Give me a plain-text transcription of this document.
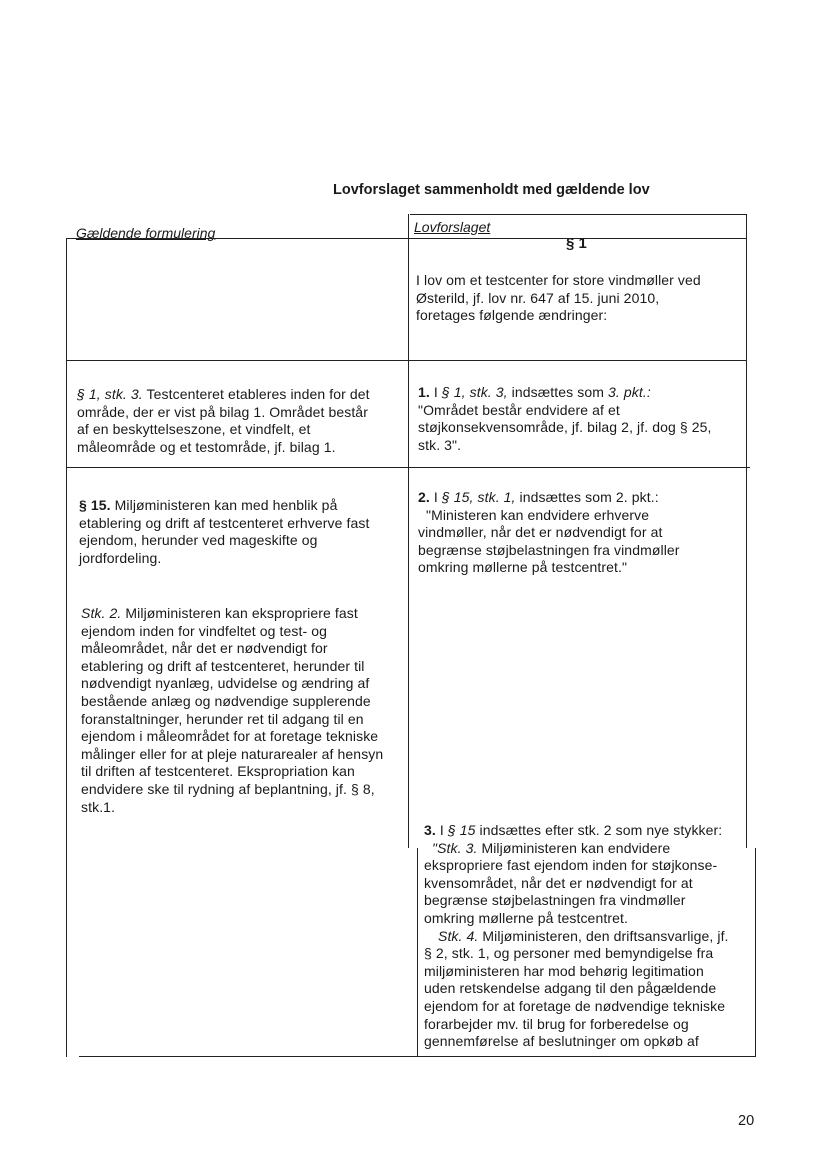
Lovforslaget sammenholdt med gældende lov
Gældende formulering	Lovforslaget
§ 1

I lov om et testcenter for store vindmøller ved

Østerild, jf. lov nr. 647 af 15. juni 2010,

foretages følgende ændringer:

§ 1, stk. 3. Testcenteret etableres inden for det

område, der er vist på bilag 1. Området består

af en beskyttelseszone, et vindfelt, et

måleområde og et testområde, jf. bilag 1.

1. I § 1, stk. 3, indsættes som 3. pkt.:

"Området består endvidere af et

støjkonsekvensområde, jf. bilag 2, jf. dog § 25,

stk. 3".

§ 15. Miljøministeren kan med henblik på

etablering og drift af testcenteret erhverve fast

ejendom, herunder ved mageskifte og

jordfordeling.

Stk. 2. Miljøministeren kan ekspropriere fast

ejendom inden for vindfeltet og test- og

måleområdet, når det er nødvendigt for

etablering og drift af testcenteret, herunder til

nødvendigt nyanlæg, udvidelse og ændring af

bestående anlæg og nødvendige supplerende

foranstaltninger, herunder ret til adgang til en

ejendom i måleområdet for at foretage tekniske

målinger eller for at pleje naturarealer af hensyn

til driften af testcenteret. Ekspropriation kan

endvidere ske til rydning af beplantning, jf. § 8,

stk.1.

2. I § 15, stk. 1, indsættes som 2. pkt.:

"Ministeren kan endvidere erhverve

vindmøller, når det er nødvendigt for at

begrænse støjbelastningen fra vindmøller

omkring møllerne på testcentret."

3. I § 15 indsættes efter stk. 2 som nye stykker:

"Stk. 3. Miljøministeren kan endvidere

ekspropriere fast ejendom inden for støjkonse-

kvensområdet, når det er nødvendigt for at

begrænse støjbelastningen fra vindmøller

omkring møllerne på testcentret.

Stk. 4. Miljøministeren, den driftsansvarlige, jf.

§ 2, stk. 1, og personer med bemyndigelse fra

miljøministeren har mod behørig legitimation

uden retskendelse adgang til den pågældende

ejendom for at foretage de nødvendige tekniske

forarbejder mv. til brug for forberedelse og

gennemførelse af beslutninger om opkøb af

20
